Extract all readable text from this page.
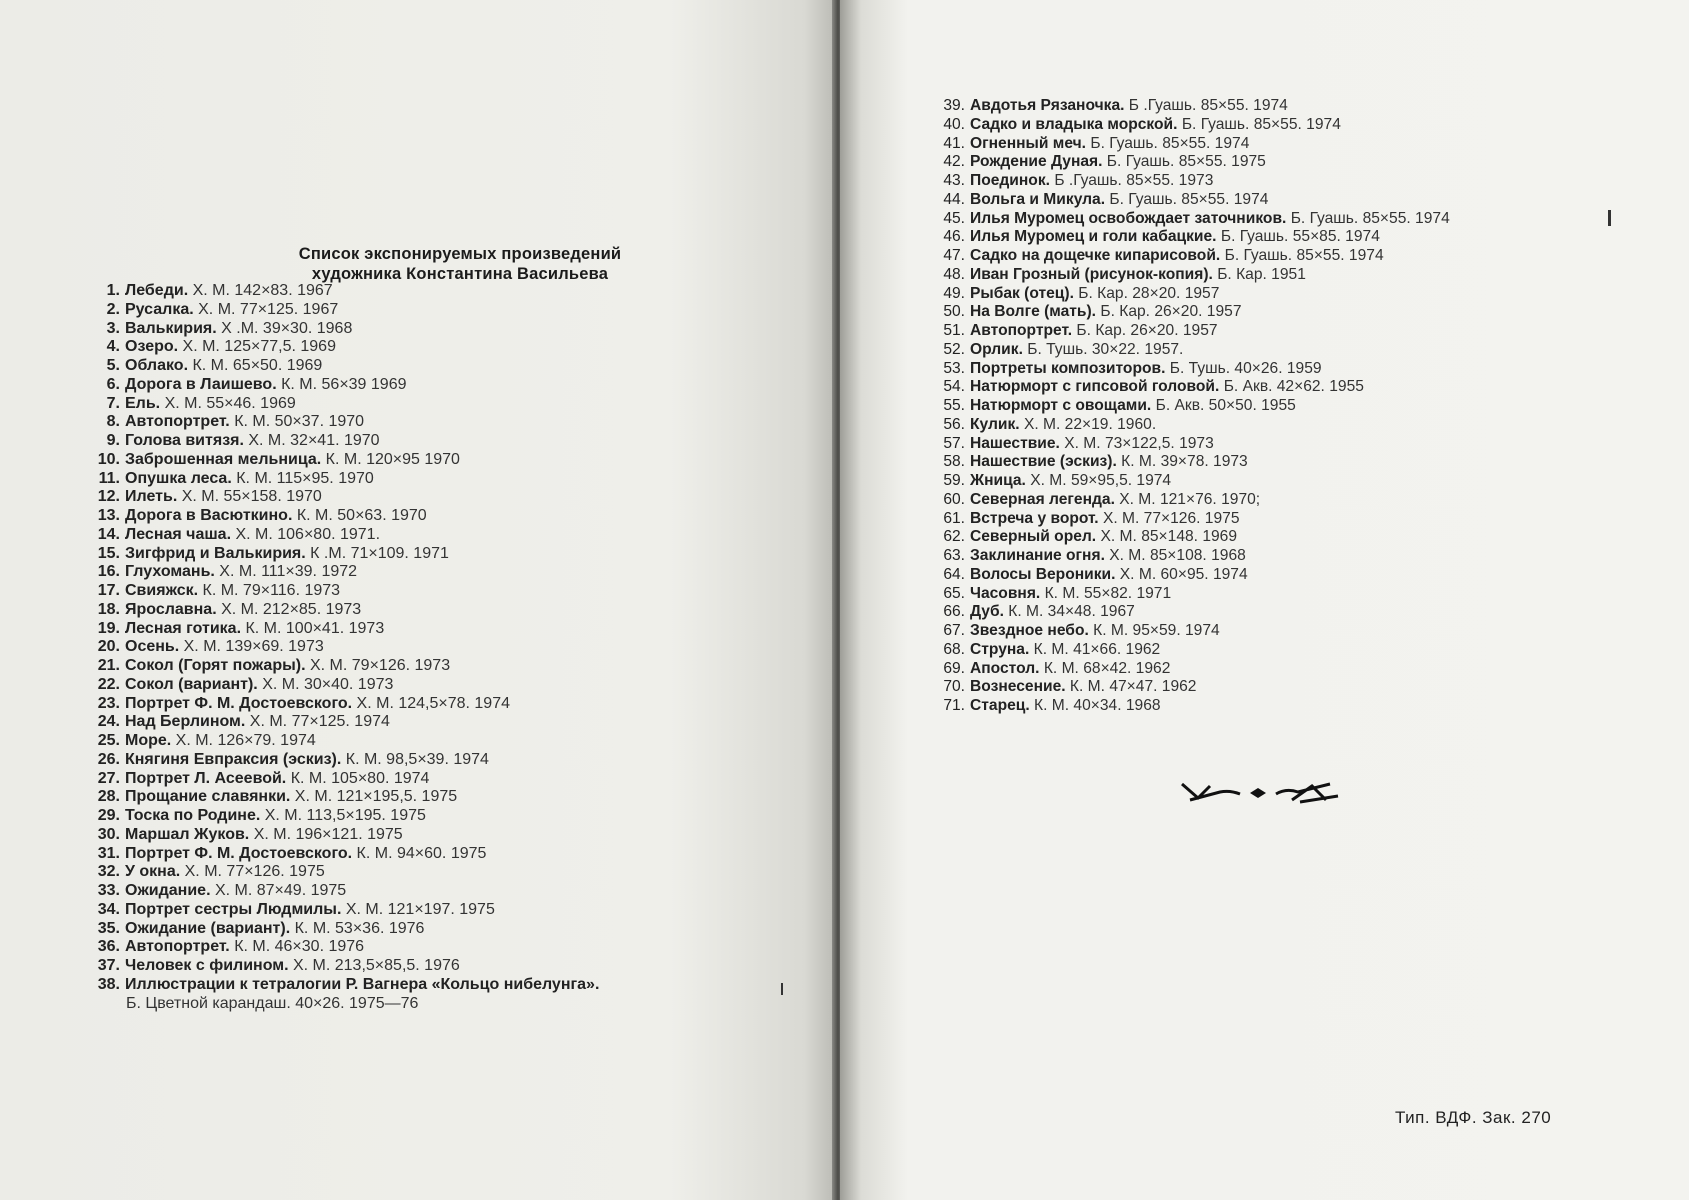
Список экспонируемых произведений
художника Константина Васильева
1. Лебеди. Х. М. 142×83. 1967
2. Русалка. Х. М. 77×125. 1967
3. Валькирия. Х .М. 39×30. 1968
4. Озеро. Х. М. 125×77,5. 1969
5. Облако. К. М. 65×50. 1969
6. Дорога в Лаишево. К. М. 56×39 1969
7. Ель. Х. М. 55×46. 1969
8. Автопортрет. К. М. 50×37. 1970
9. Голова витязя. Х. М. 32×41. 1970
10. Заброшенная мельница. К. М. 120×95 1970
11. Опушка леса. К. М. 115×95. 1970
12. Илеть. Х. М. 55×158. 1970
13. Дорога в Васюткино. К. М. 50×63. 1970
14. Лесная чаша. Х. М. 106×80. 1971.
15. Зигфрид и Валькирия. К .М. 71×109. 1971
16. Глухомань. Х. М. 111×39. 1972
17. Свияжск. К. М. 79×116. 1973
18. Ярославна. Х. М. 212×85. 1973
19. Лесная готика. К. М. 100×41. 1973
20. Осень. Х. М. 139×69. 1973
21. Сокол (Горят пожары). Х. М. 79×126. 1973
22. Сокол (вариант). Х. М. 30×40. 1973
23. Портрет Ф. М. Достоевского. Х. М. 124,5×78. 1974
24. Над Берлином. Х. М. 77×125. 1974
25. Море. Х. М. 126×79. 1974
26. Княгиня Евпраксия (эскиз). К. М. 98,5×39. 1974
27. Портрет Л. Асеевой. К. М. 105×80. 1974
28. Прощание славянки. Х. М. 121×195,5. 1975
29. Тоска по Родине. Х. М. 113,5×195. 1975
30. Маршал Жуков. Х. М. 196×121. 1975
31. Портрет Ф. М. Достоевского. К. М. 94×60. 1975
32. У окна. Х. М. 77×126. 1975
33. Ожидание. Х. М. 87×49. 1975
34. Портрет сестры Людмилы. Х. М. 121×197. 1975
35. Ожидание (вариант). К. М. 53×36. 1976
36. Автопортрет. К. М. 46×30. 1976
37. Человек с филином. Х. М. 213,5×85,5. 1976
38. Иллюстрации к тетралогии Р. Вагнера «Кольцо нибелунга».
Б. Цветной карандаш. 40×26. 1975—76
39. Авдотья Рязаночка. Б .Гуашь. 85×55. 1974
40. Садко и владыка морской. Б. Гуашь. 85×55. 1974
41. Огненный меч. Б. Гуашь. 85×55. 1974
42. Рождение Дуная. Б. Гуашь. 85×55. 1975
43. Поединок. Б .Гуашь. 85×55. 1973
44. Вольга и Микула. Б. Гуашь. 85×55. 1974
45. Илья Муромец освобождает заточников. Б. Гуашь. 85×55. 1974
46. Илья Муромец и голи кабацкие. Б. Гуашь. 55×85. 1974
47. Садко на дощечке кипарисовой. Б. Гуашь. 85×55. 1974
48. Иван Грозный (рисунок-копия). Б. Кар. 1951
49. Рыбак (отец). Б. Кар. 28×20. 1957
50. На Волге (мать). Б. Кар. 26×20. 1957
51. Автопортрет. Б. Кар. 26×20. 1957
52. Орлик. Б. Тушь. 30×22. 1957.
53. Портреты композиторов. Б. Тушь. 40×26. 1959
54. Натюрморт с гипсовой головой. Б. Акв. 42×62. 1955
55. Натюрморт с овощами. Б. Акв. 50×50. 1955
56. Кулик. Х. М. 22×19. 1960.
57. Нашествие. Х. М. 73×122,5. 1973
58. Нашествие (эскиз). К. М. 39×78. 1973
59. Жница. Х. М. 59×95,5. 1974
60. Северная легенда. Х. М. 121×76. 1970;
61. Встреча у ворот. Х. М. 77×126. 1975
62. Северный орел. Х. М. 85×148. 1969
63. Заклинание огня. Х. М. 85×108. 1968
64. Волосы Вероники. Х. М. 60×95. 1974
65. Часовня. К. М. 55×82. 1971
66. Дуб. К. М. 34×48. 1967
67. Звездное небо. К. М. 95×59. 1974
68. Струна. К. М. 41×66. 1962
69. Апостол. К. М. 68×42. 1962
70. Вознесение. К. М. 47×47. 1962
71. Старец. К. М. 40×34. 1968
Тип. ВДФ. Зак. 270
